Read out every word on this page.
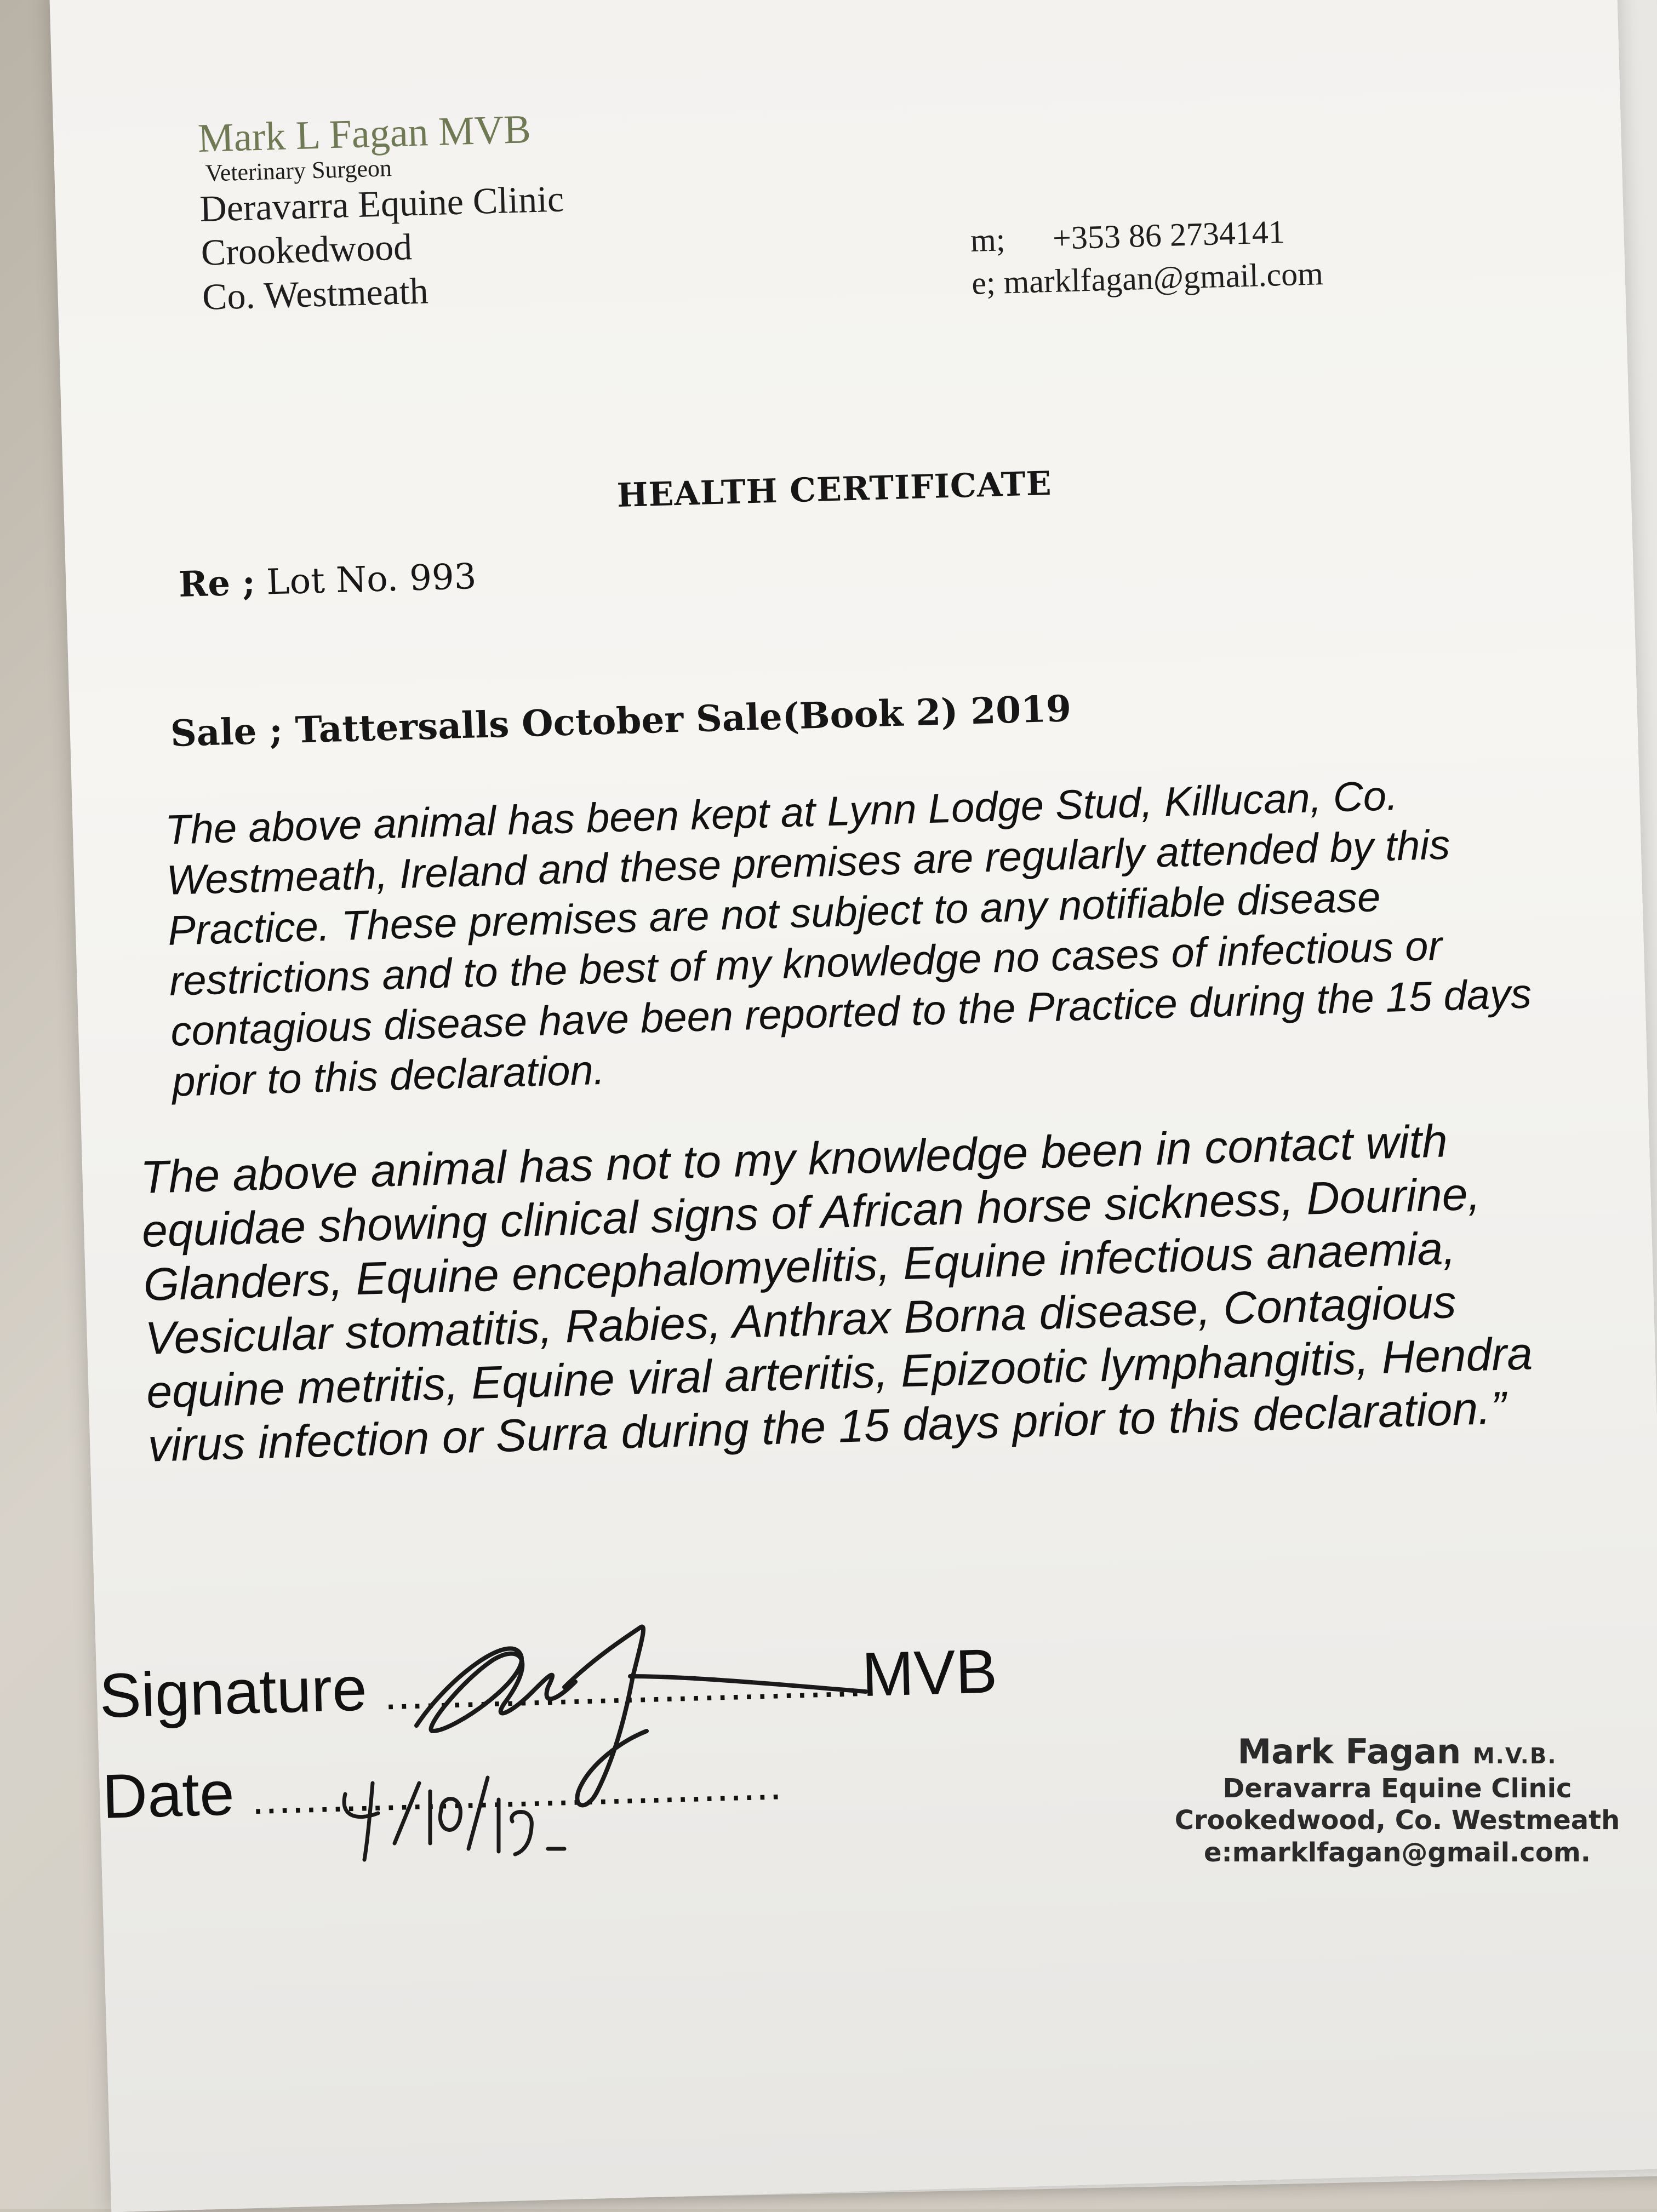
Mark L Fagan MVB
Veterinary Surgeon
Deravarra Equine Clinic
Crookedwood
Co. Westmeath
m; +353 86 2734141
e; marklfagan@gmail.com
HEALTH CERTIFICATE
Re ; Lot No. 993
Sale ; Tattersalls October Sale(Book 2) 2019
The above animal has been kept at Lynn Lodge Stud, Killucan, Co. Westmeath, Ireland and these premises are regularly attended by this Practice. These premises are not subject to any notifiable disease restrictions and to the best of my knowledge no cases of infectious or contagious disease have been reported to the Practice during the 15 days prior to this declaration.
The above animal has not to my knowledge been in contact with equidae showing clinical signs of African horse sickness, Dourine, Glanders, Equine encephalomyelitis, Equine infectious anaemia, Vesicular stomatitis, Rabies, Anthrax Borna disease, Contagious equine metritis, Equine viral arteritis, Epizootic lymphangitis, Hendra virus infection or Surra during the 15 days prior to this declaration.”
Signature ....................................MVB
Date ........................................
Mark Fagan M.V.B.
Deravarra Equine Clinic
Crookedwood, Co. Westmeath
e:marklfagan@gmail.com.
